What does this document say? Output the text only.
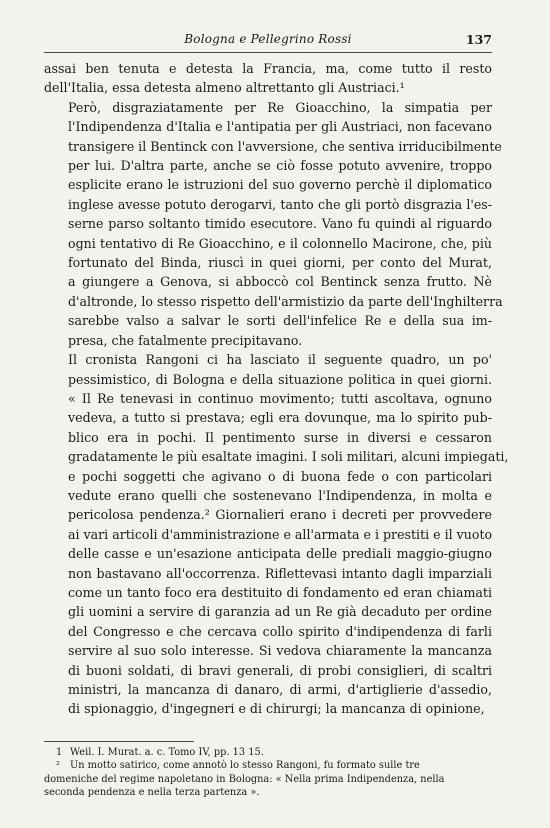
Bologna e Pellegrino Rossi	137

assai ben tenuta e detesta la Francia, ma, come tutto il resto
dell'Italia, essa detesta almeno altrettanto gli Austriaci.¹

Però, disgraziatamente per Re Gioacchino, la simpatia per
l'Indipendenza d'Italia e l'antipatia per gli Austriaci, non facevano
transigere il Bentinck con l'avversione, che sentiva irriducibilmente
per lui. D'altra parte, anche se ciò fosse potuto avvenire, troppo
esplicite erano le istruzioni del suo governo perchè il diplomatico
inglese avesse potuto derogarvi, tanto che gli portò disgrazia l'es-
serne parso soltanto timido esecutore. Vano fu quindi al riguardo
ogni tentativo di Re Gioacchino, e il colonnello Macirone, che, più
fortunato del Binda, riuscì in quei giorni, per conto del Murat,
a giungere a Genova, si abboccò col Bentinck senza frutto. Nè
d'altronde, lo stesso rispetto dell'armistizio da parte dell'Inghilterra
sarebbe valso a salvar le sorti dell'infelice Re e della sua im-
presa, che fatalmente precipitavano.

Il cronista Rangoni ci ha lasciato il seguente quadro, un po'
pessimistico, di Bologna e della situazione politica in quei giorni.
« Il Re tenevasi in continuo movimento; tutti ascoltava, ognuno
vedeva, a tutto si prestava; egli era dovunque, ma lo spirito pub-
blico era in pochi. Il pentimento surse in diversi e cessaron
gradatamente le più esaltate imagini. I soli militari, alcuni impiegati,
e pochi soggetti che agivano o di buona fede o con particolari
vedute erano quelli che sostenevano l'Indipendenza, in molta e
pericolosa pendenza.² Giornalieri erano i decreti per provvedere
ai vari articoli d'amministrazione e all'armata e i prestiti e il vuoto
delle casse e un'esazione anticipata delle prediali maggio-giugno
non bastavano all'occorrenza. Riflettevasi intanto dagli imparziali
come un tanto foco era destituito di fondamento ed eran chiamati
gli uomini a servire di garanzia ad un Re già decaduto per ordine
del Congresso e che cercava collo spirito d'indipendenza di farli
servire al suo solo interesse. Si vedova chiaramente la mancanza
di buoni soldati, di bravi generali, di probi consiglieri, di scaltri
ministri, la mancanza di danaro, di armi, d'artiglierie d'assedio,
di spionaggio, d'ingegneri e di chirurgi; la mancanza di opinione,

1 Weil. I. Murat. a. c. Tomo IV, pp. 13 15.
² Un motto satirico, come annotò lo stesso Rangoni, fu formato sulle tre
domeniche del regime napoletano in Bologna: « Nella prima Indipendenza, nella
seconda pendenza e nella terza partenza ».
